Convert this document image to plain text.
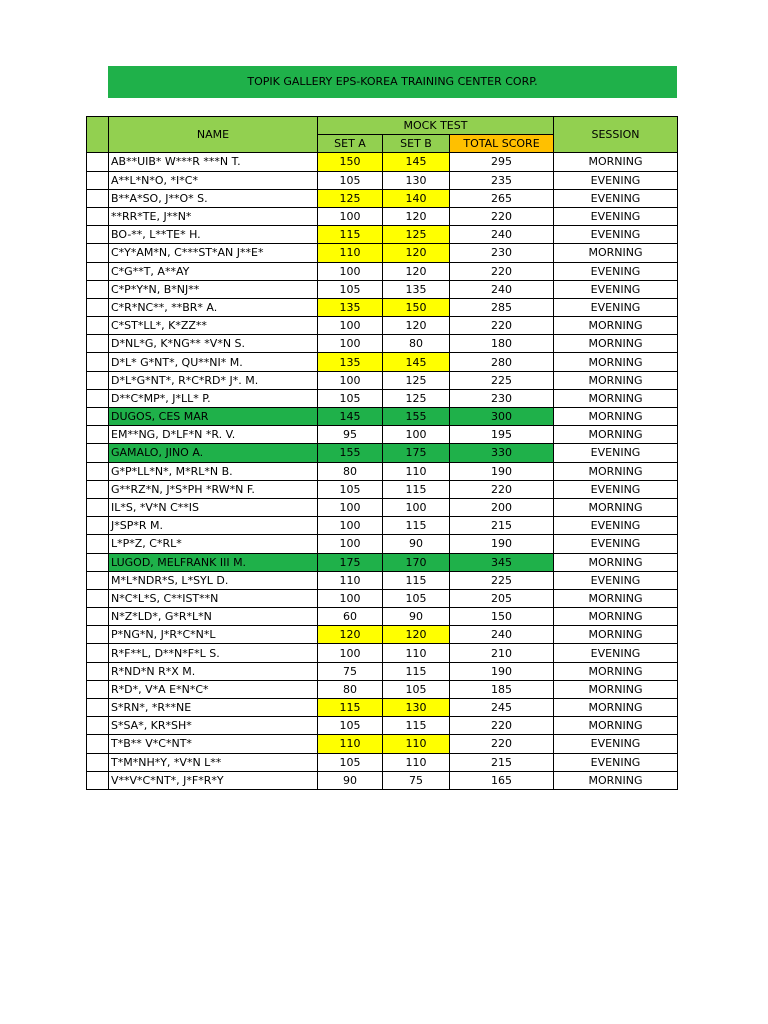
TOPIK GALLERY EPS-KOREA TRAINING CENTER CORP.
	NAME	MOCK TEST			SESSION
		SET A	SET B	TOTAL SCORE	
	AB**UIB* W***R ***N T.	150	145	295	MORNING
	A**L*N*O, *I*C*	105	130	235	EVENING
	B**A*SO, J**O* S.	125	140	265	EVENING
	**RR*TE, J**N*	100	120	220	EVENING
	BO-**, L**TE* H.	115	125	240	EVENING
	C*Y*AM*N, C***ST*AN J**E*	110	120	230	MORNING
	C*G**T, A**AY	100	120	220	EVENING
	C*P*Y*N, B*NJ**	105	135	240	EVENING
	C*R*NC**, **BR* A.	135	150	285	EVENING
	C*ST*LL*, K*ZZ**	100	120	220	MORNING
	D*NL*G, K*NG** *V*N S.	100	80	180	MORNING
	D*L* G*NT*, QU**NI* M.	135	145	280	MORNING
	D*L*G*NT*, R*C*RD* J*. M.	100	125	225	MORNING
	D**C*MP*, J*LL* P.	105	125	230	MORNING
	DUGOS, CES MAR	145	155	300	MORNING
	EM**NG, D*LF*N *R. V.	95	100	195	MORNING
	GAMALO, JINO A.	155	175	330	EVENING
	G*P*LL*N*, M*RL*N B.	80	110	190	MORNING
	G**RZ*N, J*S*PH *RW*N F.	105	115	220	EVENING
	IL*S, *V*N C**IS	100	100	200	MORNING
	J*SP*R M.	100	115	215	EVENING
	L*P*Z, C*RL*	100	90	190	EVENING
	LUGOD, MELFRANK III M.	175	170	345	MORNING
	M*L*NDR*S, L*SYL D.	110	115	225	EVENING
	N*C*L*S, C**IST**N	100	105	205	MORNING
	N*Z*LD*, G*R*L*N	60	90	150	MORNING
	P*NG*N, J*R*C*N*L	120	120	240	MORNING
	R*F**L, D**N*F*L S.	100	110	210	EVENING
	R*ND*N R*X M.	75	115	190	MORNING
	R*D*, V*A E*N*C*	80	105	185	MORNING
	S*RN*, *R**NE	115	130	245	MORNING
	S*SA*, KR*SH*	105	115	220	MORNING
	T*B** V*C*NT*	110	110	220	EVENING
	T*M*NH*Y, *V*N L**	105	110	215	EVENING
	V**V*C*NT*, J*F*R*Y	90	75	165	MORNING
